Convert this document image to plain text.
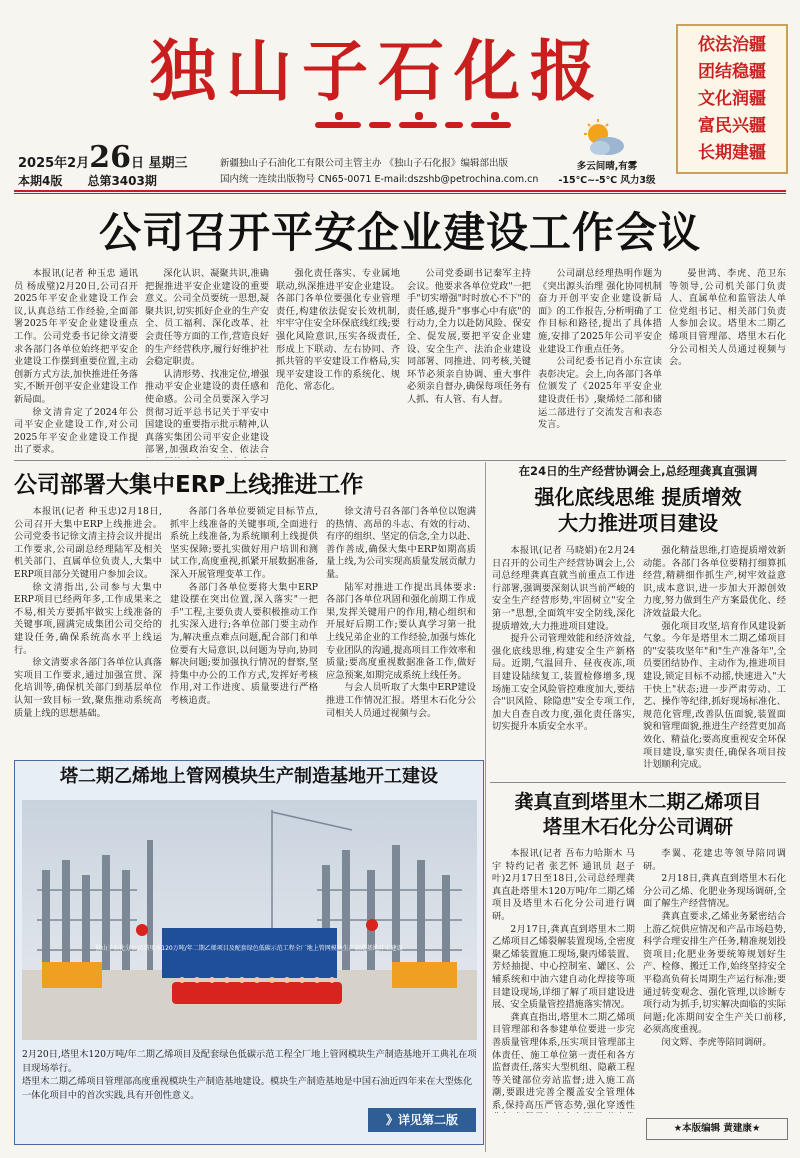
独山子石化报	依法治疆
团结稳疆
文化润疆
富民兴疆
长期建疆
2025年2月26日 星期三
本期4版 总第3403期
新疆独山子石油化工有限公司主管主办 《独山子石化报》编辑部出版
国内统一连续出版物号 CN65-0071 E-mail:dszshb@petrochina.com.cn
多云间晴,有雾
-15℃~-5℃ 风力3级
公司召开平安企业建设工作会议

本报讯(记者 种玉忠 通讯员 杨成璧)2月20日,公司召开2025年平安企业建设工作会议,认真总结工作经验,全面部署2025年平安企业建设重点工作。公司党委书记徐文清要求各部门各单位始终把平安企业建设工作摆到重要位置,主动创新方式方法,加快推进任务落实,不断开创平安企业建设工作新局面。

徐文清肯定了2024年公司平安企业建设工作,对公司2025年平安企业建设工作提出了要求。

深化认识、凝聚共识,准确把握推进平安企业建设的重要意义。公司全员要统一思想,凝聚共识,切实抓好企业的生产安全、员工福利、深化改革、社会责任等方面的工作,营造良好的生产经营秩序,履行好维护社会稳定职责。

认清形势、找准定位,增强推动平安企业建设的责任感和使命感。公司全员要深入学习贯彻习近平总书记关于平安中国建设的重要指示批示精神,认真落实集团公司平安企业建设部署,加强政治安全、依法合

强化责任落实、专业属地联动,纵深推进平安企业建设。各部门各单位要强化专业管理责任,构建依法促安长效机制,牢牢守住安全环保底线红线;要强化风险意识,压实各级责任,形成上下联动、左右协同、齐抓共管的平安建设工作格局,实现平安建设工作的系统化、规范化、常态化。

公司党委副书记秦军主持会议。他要求各单位党政"一把手"切实增强"时时放心不下"的责任感,提升"事事心中有底"的行动力,全力以赴防风险、保安全、促发展,要把平安企业建设、安全生产、法治企业建设同部署、同推进、同考核,关键环节必须亲自协调、重大事件必须亲自督办,确保每项任务有人抓、有人管、有人督。

公司副总经理热明作题为《突出源头治理 强化协同机制 奋力开创平安企业建设新局面》的工作报告,分析明确了工作目标和路径,提出了具体措施,安排了2025年公司平安企业建设工作重点任务。

公司纪委书记肖小东宣读表彰决定。会上,向各部门各单位颁发了《2025年平安企业建设责任书》,聚烯烃二部和储运二部进行了交流发言和表态发言。

晏世鸿、李虎、范卫东等领导,公司机关部门负责人、直属单位和监管法人单位党组书记、相关部门负责人参加会议。塔里木二期乙烯项目管理部、塔里木石化分公司相关人员通过视频与会。

公司部署大集中ERP上线推进工作

本报讯(记者 种玉忠)2月18日,公司召开大集中ERP上线推进会。公司党委书记徐文清主持会议并提出工作要求,公司副总经理陆军及相关机关部门、直属单位负责人,大集中ERP项目部分关键用户参加会议。

徐文清指出,公司参与大集中ERP项目已经两年多,工作成果来之不易,相关方要抓牢做实上线准备的关键事项,圆满完成集团公司交给的建设任务,确保系统高水平上线运行。

徐文清要求各部门各单位认真落实项目工作要求,通过加强宣贯、深化培训等,确保机关部门到基层单位认知一致目标一致,聚焦推动系统高质量上线的思想基础。

各部门各单位要锁定目标节点,抓牢上线准备的关键事项,全面进行系统上线准备,为系统顺利上线提供坚实保障;要扎实做好用户培训和测试工作,高度重视,抓紧开展数据准备,深入开展管理变革工作。

各部门各单位要将大集中ERP建设摆在突出位置,深入落实"一把手"工程,主要负责人要积极推动工作扎实深入进行;各单位部门要主动作为,解决重点难点问题,配合部门和单位要有大局意识,以问题为导向,协同解决问题;要加强执行情况的督察,坚持集中办公的工作方式,发挥好考核作用,对工作进度、质量要进行严格考核追责。

徐文清号召各部门各单位以饱满的热情、高昂的斗志、有效的行动、有序的组织、坚定的信念,全力以赴、善作善成,确保大集中ERP如期高质量上线,为公司实现高质量发展贡献力量。

陆军对推进工作提出具体要求:各部门各单位巩固和强化前期工作成果,发挥关键用户的作用,精心组织和开展好后期工作;要认真学习第一批上线兄弟企业的工作经验,加强与炼化专业团队的沟通,提高项目工作效率和质量;要高度重视数据准备工作,做好应急预案,如期完成系统上线任务。

与会人员听取了大集中ERP建设推进工作情况汇报。塔里木石化分公司相关人员通过视频与会。

在24日的生产经营协调会上,总经理龚真直强调
强化底线思维 提质增效
大力推进项目建设

本报讯(记者 马晓娟)在2月24日召开的公司生产经营协调会上,公司总经理龚真直就当前重点工作进行部署,强调要深刻认识当前严峻的安全生产经营形势,牢固树立"安全第一"思想,全面筑牢安全防线,深化提质增效,大力推进项目建设。

提升公司管理效能和经济效益,强化底线思维,构建安全生产新格局。近期,气温回升、昼夜夜冻,项目建设陆续复工,装置检修增多,现场施工安全风险管控难度加大,要结合"识风险、除隐患"安全专项工作,加大自查自改力度,强化责任落实,切实提升本质安全水平。

强化精益思维,打造提质增效新动能。各部门各单位要精打细算抓经营,精耕细作抓生产,树牢效益意识,成本意识,进一步加大开源创效力度,努力做到生产方案最优化、经济效益最大化。

强化项目攻坚,培育作风建设新气象。今年是塔里木二期乙烯项目的"安装攻坚年"和"生产准备年",全员要团结协作、主动作为,推进项目建设,锁定目标不动摇,快速进入"大干快上"状态;进一步严肃劳动、工艺、操作等纪律,抓好现场标准化、规范化管理,改善队伍面貌,装置面貌和管理面貌,推进生产经营更加高效化、精益化;要高度重视安全环保项目建设,靠实责任,确保各项目按计划顺利完成。

塔二期乙烯地上管网模块生产制造基地开工建设
独山子石化分公司塔里木120万吨/年二期乙烯项目及配套绿色低碳示范工程全厂地上管网模块生产制造基地开工建设

2月20日,塔里木120万吨/年二期乙烯项目及配套绿色低碳示范工程全厂地上管网模块生产制造基地开工典礼在项目现场举行。

塔里木二期乙烯项目管理部高度重视模块生产制造基地建设。模块生产制造基地是中国石油近四年来在大型炼化一体化项目中的首次实践,具有开创性意义。

》详见第二版
龚真直到塔里木二期乙烯项目
塔里木石化分公司调研

本报讯(记者 吾布力哈斯木 马宇 特约记者 张艺怀 通讯员 赵子叶)2月17日至18日,公司总经理龚真直赴塔里木120万吨/年二期乙烯项目及塔里木石化分公司进行调研。

2月17日,龚真直到塔里木二期乙烯项目乙烯裂解装置现场,全密度聚乙烯装置施工现场,聚丙烯装置、芳烃抽提、中心控制室、罐区、公辅系统和中油六建自动化焊接等项目建设现场,详细了解了项目建设进展、安全质量管控措施落实情况。

龚真直指出,塔里木二期乙烯项目管理部和各参建单位要进一步完善质量管理体系,压实项目管理部主体责任、施工单位第一责任和各方监督责任,落实大型机组、隐蔽工程等关键部位旁站监督;进入施工高潮,要跟进完善全覆盖安全管理体系,保持高压严管态势,强化穿透性

李翼、花建忠等领导陪同调研。

2月18日,龚真直到塔里木石化分公司乙烯、化肥业务现场调研,全面了解生产经营情况。

龚真直要求,乙烯业务紧密结合上游乙烷供应情况和产品市场趋势,科学合理安排生产任务,精准规划投资项目;化肥业务要统筹规划好生产、检修、搬迁工作,始终坚持安全平稳高负荷长周期生产运行标准;要通过转变观念、强化管理,以诊断专项行动为抓手,切实解决面临的实际问题;化冻期间安全生产关口前移,必须高度重视。

闵文辉、李虎等陪同调研。

★本版编辑 黄建康★
